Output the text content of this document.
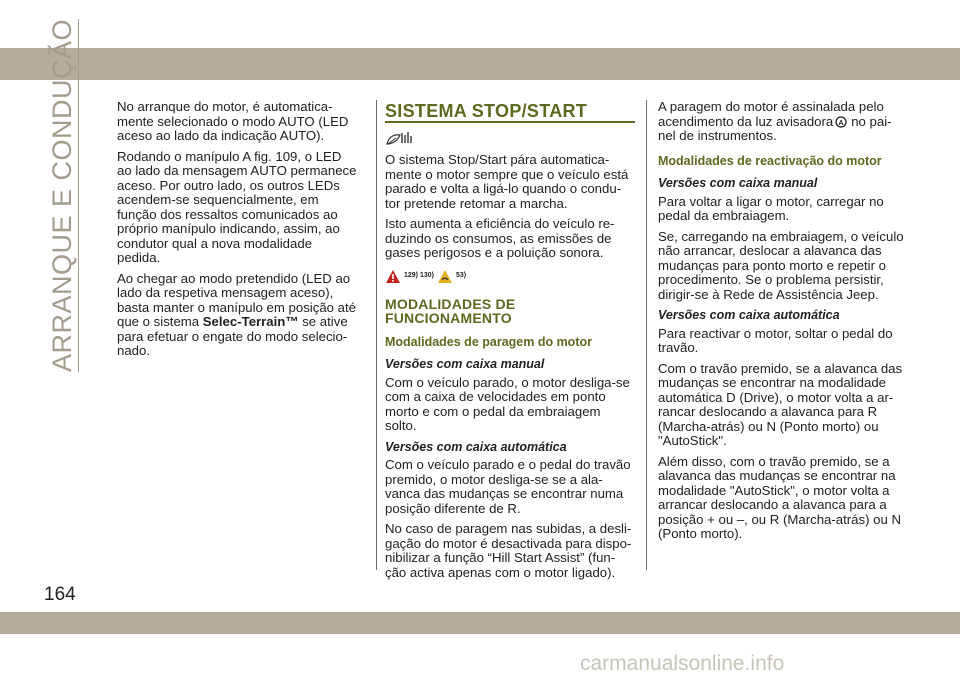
ARRANQUE E CONDUÇÃO
164

No arranque do motor, é automatica-mente selecionado o modo AUTO (LED aceso ao lado da indicação AUTO).

Rodando o manípulo A fig. 109, o LED ao lado da mensagem AUTO permanece aceso. Por outro lado, os outros LEDs acendem-se sequencialmente, em função dos ressaltos comunicados ao próprio manípulo indicando, assim, ao condutor qual a nova modalidade pedida.

Ao chegar ao modo pretendido (LED ao lado da respetiva mensagem aceso), basta manter o manípulo em posição até que o sistema Selec-Terrain™ se ative para efetuar o engate do modo selecio-nado.

SISTEMA STOP/START

O sistema Stop/Start pára automatica-mente o motor sempre que o veículo está parado e volta a ligá-lo quando o condu-tor pretende retomar a marcha.

Isto aumenta a eficiência do veículo re-duzindo os consumos, as emissões de gases perigosos e a poluição sonora.

129) 130)	53)
MODALIDADES DE FUNCIONAMENTO
Modalidades de paragem do motor
Versões com caixa manual

Com o veículo parado, o motor desliga-se com a caixa de velocidades em ponto morto e com o pedal da embraiagem solto.

Versões com caixa automática

Com o veículo parado e o pedal do travão premido, o motor desliga-se se a ala-vanca das mudanças se encontrar numa posição diferente de R.

No caso de paragem nas subidas, a desli-gação do motor é desactivada para dispo-nibilizar a função “Hill Start Assist” (fun-ção activa apenas com o motor ligado).

A paragem do motor é assinalada pelo acendimento da luz avisadora A no pai-nel de instrumentos.

Modalidades de reactivação do motor
Versões com caixa manual

Para voltar a ligar o motor, carregar no pedal da embraiagem.

Se, carregando na embraiagem, o veículo não arrancar, deslocar a alavanca das mudanças para ponto morto e repetir o procedimento. Se o problema persistir, dirigir-se à Rede de Assistência Jeep.

Versões com caixa automática

Para reactivar o motor, soltar o pedal do travão.

Com o travão premido, se a alavanca das mudanças se encontrar na modalidade automática D (Drive), o motor volta a ar-rancar deslocando a alavanca para R (Marcha-atrás) ou N (Ponto morto) ou "AutoStick".

Além disso, com o travão premido, se a alavanca das mudanças se encontrar na modalidade "AutoStick", o motor volta a arrancar deslocando a alavanca para a posição + ou –, ou R (Marcha-atrás) ou N (Ponto morto).

carmanualsonline.info
